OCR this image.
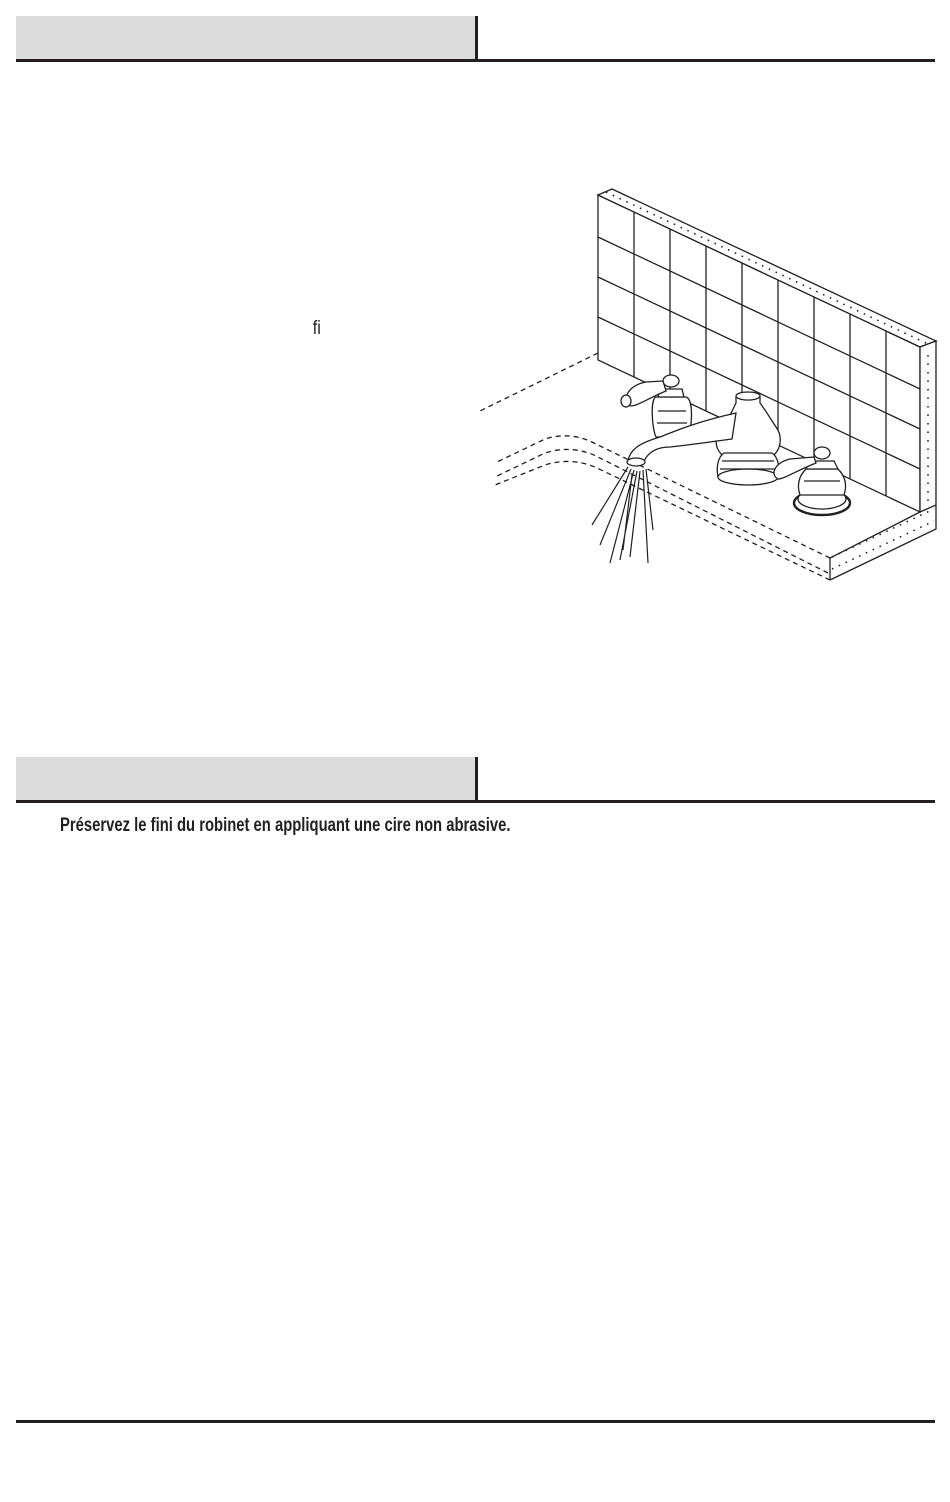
fi
Préservez le fini du robinet en appliquant une cire non abrasive.
